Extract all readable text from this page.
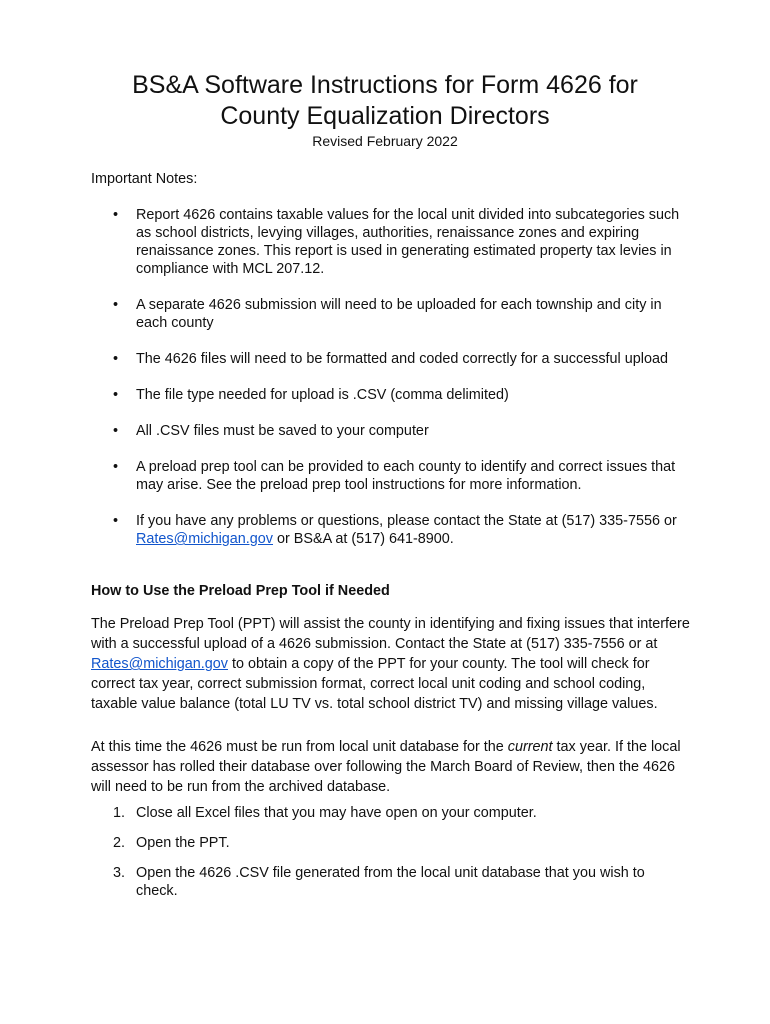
BS&A Software Instructions for Form 4626 for
County Equalization Directors
Revised February 2022
Important Notes:
• Report 4626 contains taxable values for the local unit divided into subcategories such as school districts, levying villages, authorities, renaissance zones and expiring renaissance zones. This report is used in generating estimated property tax levies in compliance with MCL 207.12.
• A separate 4626 submission will need to be uploaded for each township and city in each county
• The 4626 files will need to be formatted and coded correctly for a successful upload
• The file type needed for upload is .CSV (comma delimited)
• All .CSV files must be saved to your computer
• A preload prep tool can be provided to each county to identify and correct issues that may arise. See the preload prep tool instructions for more information.
• If you have any problems or questions, please contact the State at (517) 335-7556 or Rates@michigan.gov or BS&A at (517) 641-8900.
How to Use the Preload Prep Tool if Needed
The Preload Prep Tool (PPT) will assist the county in identifying and fixing issues that interfere with a successful upload of a 4626 submission. Contact the State at (517) 335-7556 or at Rates@michigan.gov to obtain a copy of the PPT for your county. The tool will check for correct tax year, correct submission format, correct local unit coding and school coding, taxable value balance (total LU TV vs. total school district TV) and missing village values.
At this time the 4626 must be run from local unit database for the current tax year. If the local assessor has rolled their database over following the March Board of Review, then the 4626 will need to be run from the archived database.
1. Close all Excel files that you may have open on your computer.
2. Open the PPT.
3. Open the 4626 .CSV file generated from the local unit database that you wish to check.
